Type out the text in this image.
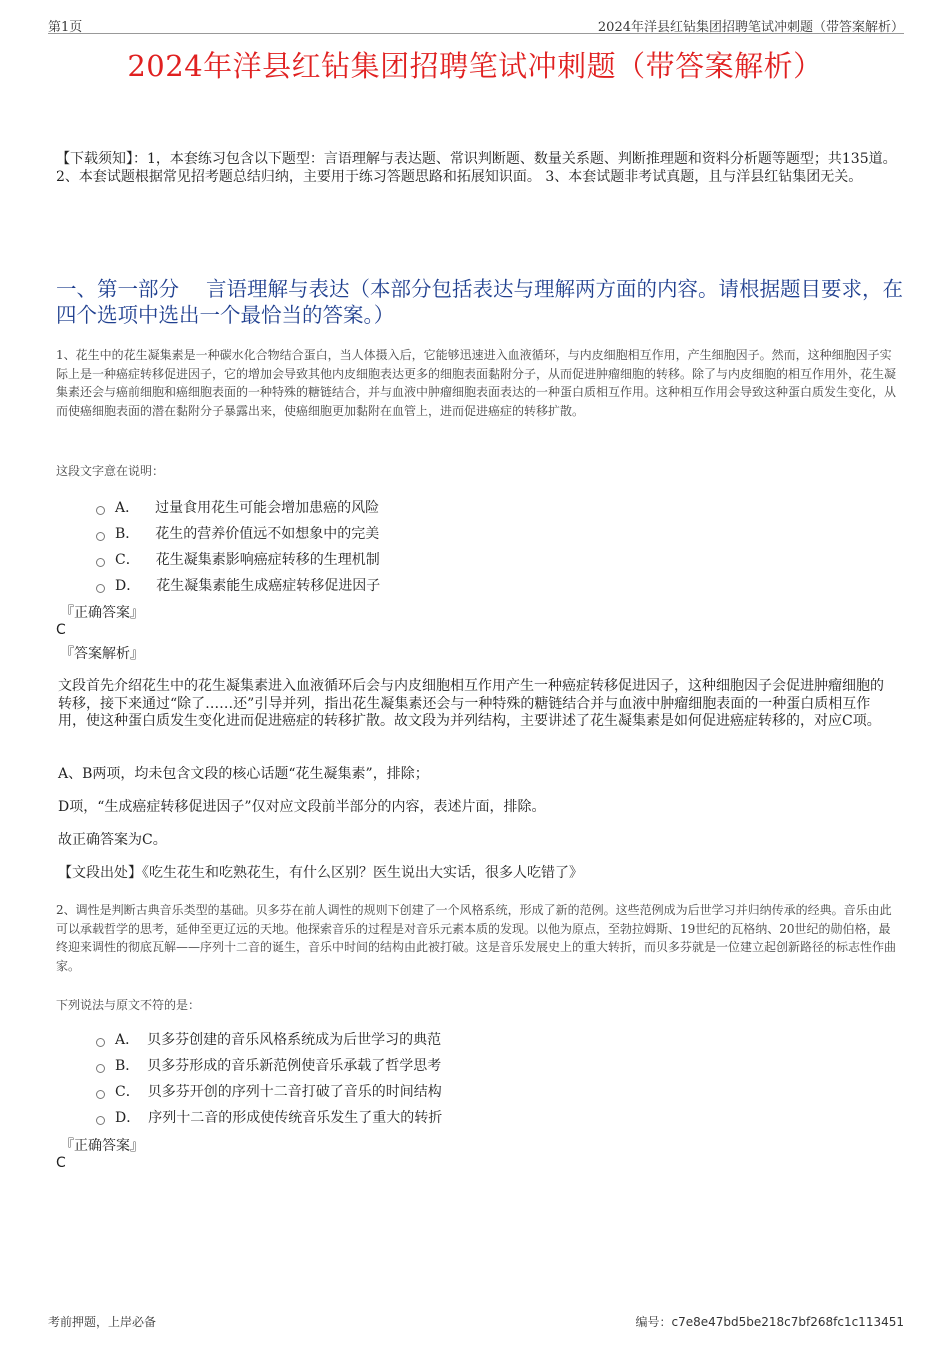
第1页	2024年洋县红钻集团招聘笔试冲刺题（带答案解析）
2024年洋县红钻集团招聘笔试冲刺题（带答案解析）
【下载须知】：1，本套练习包含以下题型：言语理解与表达题、常识判断题、数量关系题、判断推理题和资料分析题等题型；共135道。 2、本套试题根据常见招考题总结归纳，主要用于练习答题思路和拓展知识面。 3、本套试题非考试真题，且与洋县红钻集团无关。
一、第一部分　 言语理解与表达（本部分包括表达与理解两方面的内容。请根据题目要求，在四个选项中选出一个最恰当的答案。）
1、花生中的花生凝集素是一种碳水化合物结合蛋白，当人体摄入后，它能够迅速进入血液循环，与内皮细胞相互作用，产生细胞因子。然而，这种细胞因子实际上是一种癌症转移促进因子，它的增加会导致其他内皮细胞表达更多的细胞表面黏附分子，从而促进肿瘤细胞的转移。除了与内皮细胞的相互作用外，花生凝集素还会与癌前细胞和癌细胞表面的一种特殊的糖链结合，并与血液中肿瘤细胞表面表达的一种蛋白质相互作用。这种相互作用会导致这种蛋白质发生变化，从而使癌细胞表面的潜在黏附分子暴露出来，使癌细胞更加黏附在血管上，进而促进癌症的转移扩散。
这段文字意在说明：
A． 过量食用花生可能会增加患癌的风险
B． 花生的营养价值远不如想象中的完美
C． 花生凝集素影响癌症转移的生理机制
D． 花生凝集素能生成癌症转移促进因子
『正确答案』
C
『答案解析』
文段首先介绍花生中的花生凝集素进入血液循环后会与内皮细胞相互作用产生一种癌症转移促进因子，这种细胞因子会促进肿瘤细胞的转移，接下来通过“除了……还”引导并列，指出花生凝集素还会与一种特殊的糖链结合并与血液中肿瘤细胞表面的一种蛋白质相互作用，使这种蛋白质发生变化进而促进癌症的转移扩散。故文段为并列结构，主要讲述了花生凝集素是如何促进癌症转移的，对应C项。
A、B两项，均未包含文段的核心话题“花生凝集素”，排除；
D项，“生成癌症转移促进因子”仅对应文段前半部分的内容，表述片面，排除。
故正确答案为C。
【文段出处】《吃生花生和吃熟花生，有什么区别？医生说出大实话，很多人吃错了》
2、调性是判断古典音乐类型的基础。贝多芬在前人调性的规则下创建了一个风格系统，形成了新的范例。这些范例成为后世学习并归纳传承的经典。音乐由此可以承载哲学的思考，延伸至更辽远的天地。他探索音乐的过程是对音乐元素本质的发现。以他为原点，至勃拉姆斯、19世纪的瓦格纳、20世纪的勋伯格，最终迎来调性的彻底瓦解——序列十二音的诞生，音乐中时间的结构由此被打破。这是音乐发展史上的重大转折，而贝多芬就是一位建立起创新路径的标志性作曲家。
下列说法与原文不符的是：
A． 贝多芬创建的音乐风格系统成为后世学习的典范
B． 贝多芬形成的音乐新范例使音乐承载了哲学思考
C． 贝多芬开创的序列十二音打破了音乐的时间结构
D． 序列十二音的形成使传统音乐发生了重大的转折
『正确答案』
C
考前押题，上岸必备	编号：c7e8e47bd5be218c7bf268fc1c113451
